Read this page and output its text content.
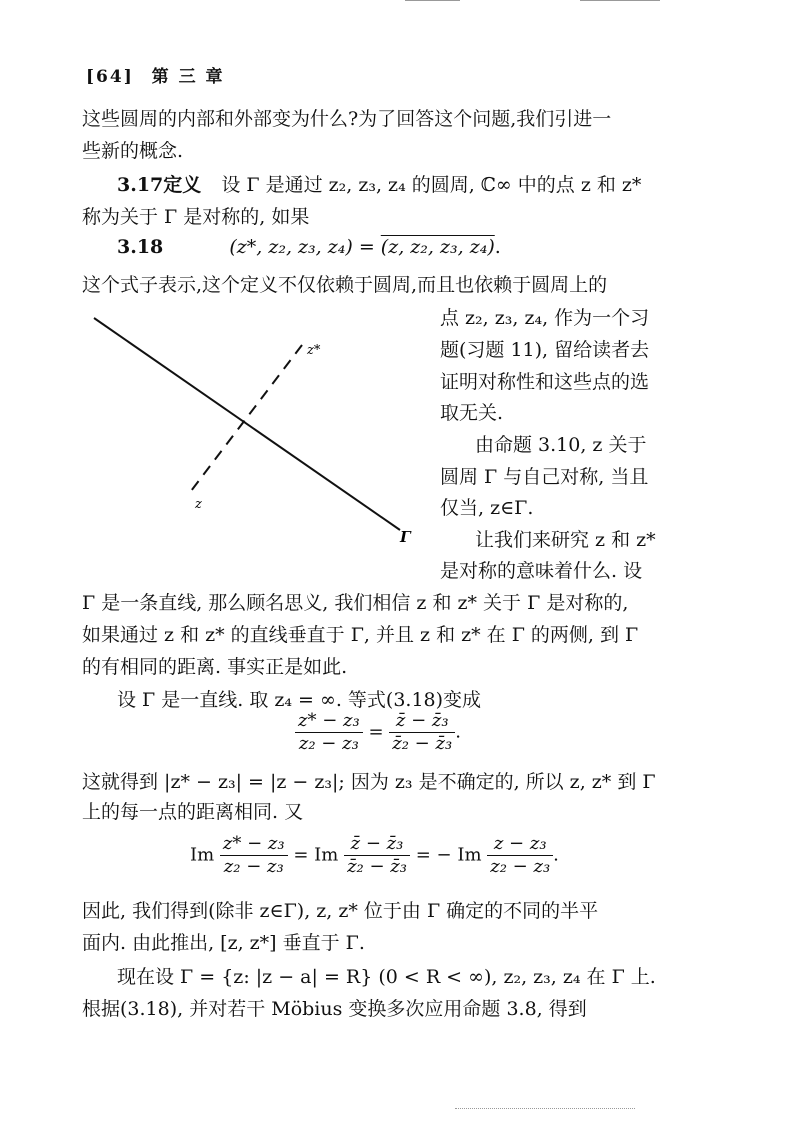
[64] 第 三 章
这些圆周的内部和外部变为什么?为了回答这个问题,我们引进一
些新的概念.
3.17定义 设 Γ 是通过 z₂, z₃, z₄ 的圆周, ℂ∞ 中的点 z 和 z*
称为关于 Γ 是对称的, 如果
3.18	(z*, z₂, z₃, z₄) = (z, z₂, z₃, z₄).
这个式子表示,这个定义不仅依赖于圆周,而且也依赖于圆周上的
z*
z
Γ
点 z₂, z₃, z₄, 作为一个习
题(习题 11), 留给读者去
证明对称性和这些点的选
取无关.
由命题 3.10, z 关于
圆周 Γ 与自己对称, 当且
仅当, z∈Γ.
让我们来研究 z 和 z*
是对称的意味着什么. 设
Γ 是一条直线, 那么顾名思义, 我们相信 z 和 z* 关于 Γ 是对称的,
如果通过 z 和 z* 的直线垂直于 Γ, 并且 z 和 z* 在 Γ 的两侧, 到 Γ
的有相同的距离. 事实正是如此.
设 Γ 是一直线. 取 z₄ = ∞. 等式(3.18)变成
$\frac{\text{z* − z₃}}{\text{z₂ − z₃}} = \frac{\text{z̄ − z̄₃}}{\text{z̄₂ − z̄₃}}$ .
这就得到 |z* − z₃| = |z − z₃|; 因为 z₃ 是不确定的, 所以 z, z* 到 Γ
上的每一点的距离相同. 又
Im $\frac{\text{z* − z₃}}{\text{z₂ − z₃}} = Im \frac{\text{z̄ − z̄₃}}{\text{z̄₂ − z̄₃}}$ = − Im $\frac{\text{z − z₃}}{\text{z₂ − z₃}}$ .
因此, 我们得到(除非 z∈Γ), z, z* 位于由 Γ 确定的不同的半平
面内. 由此推出, [z, z*] 垂直于 Γ.
现在设 Γ = {z: |z − a| = R} (0 < R < ∞), z₂, z₃, z₄ 在 Γ 上.
根据(3.18), 并对若干 Möbius 变换多次应用命题 3.8, 得到
